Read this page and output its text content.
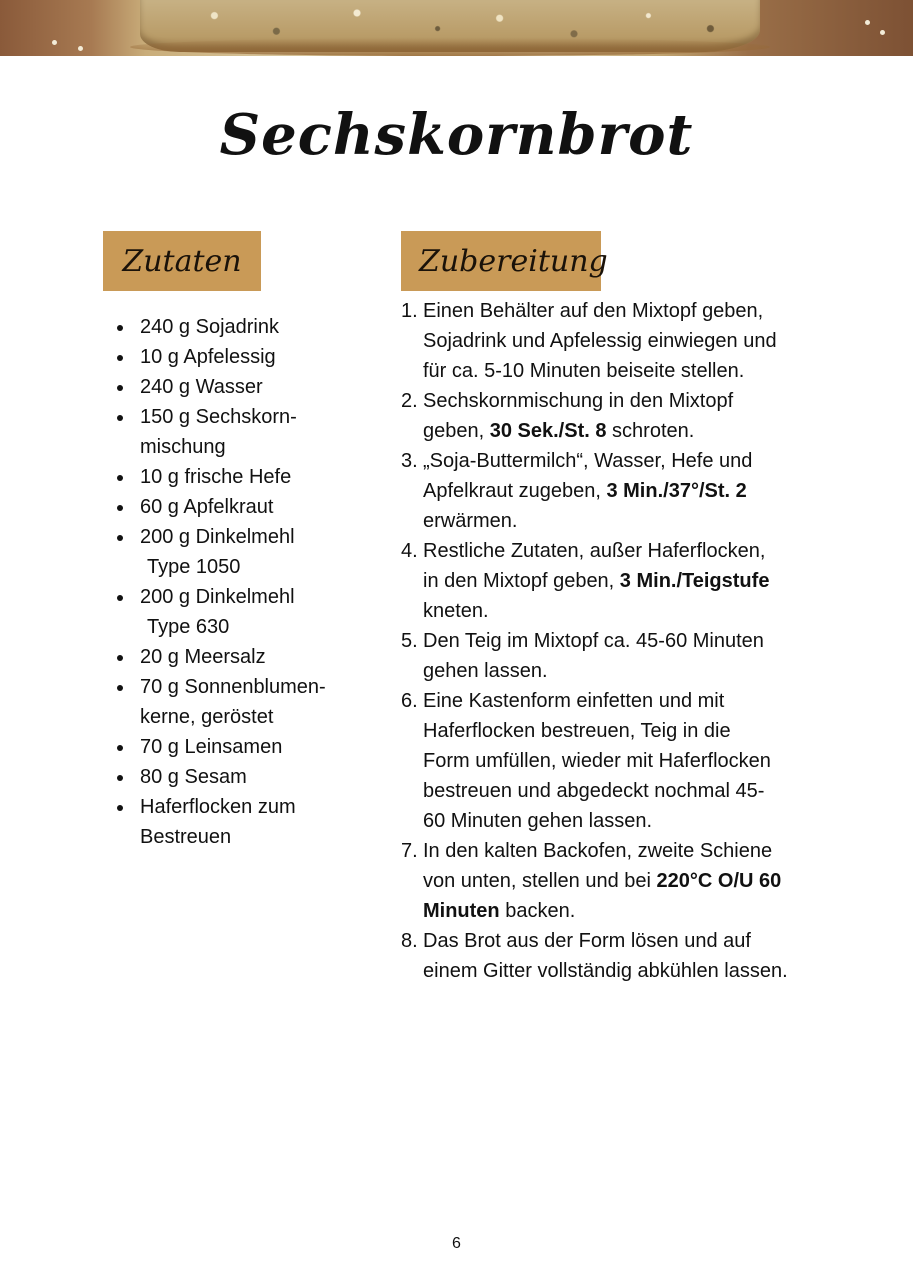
Sechskornbrot
Zutaten	Zubereitung
240 g Sojadrink
10 g Apfelessig
240 g Wasser
150 g Sechskorn-
mischung
10 g frische Hefe
60 g Apfelkraut
200 g Dinkelmehl
Type 1050
200 g Dinkelmehl
Type 630
20 g Meersalz
70 g Sonnenblumen-
kerne, geröstet
70 g Leinsamen
80 g Sesam
Haferflocken zum
Bestreuen
1. Einen Behälter auf den Mixtopf geben,
Sojadrink und Apfelessig einwiegen und
für ca. 5-10 Minuten beiseite stellen.
2. Sechskornmischung in den Mixtopf
geben, 30 Sek./St. 8 schroten.
3. „Soja-Buttermilch“, Wasser, Hefe und
Apfelkraut zugeben, 3 Min./37°/St. 2
erwärmen.
4. Restliche Zutaten, außer Haferflocken,
in den Mixtopf geben, 3 Min./Teigstufe
kneten.
5. Den Teig im Mixtopf ca. 45-60 Minuten
gehen lassen.
6. Eine Kastenform einfetten und mit
Haferflocken bestreuen, Teig in die
Form umfüllen, wieder mit Haferflocken
bestreuen und abgedeckt nochmal 45-
60 Minuten gehen lassen.
7. In den kalten Backofen, zweite Schiene
von unten, stellen und bei 220°C O/U 60
Minuten backen.
8. Das Brot aus der Form lösen und auf
einem Gitter vollständig abkühlen lassen.
6
